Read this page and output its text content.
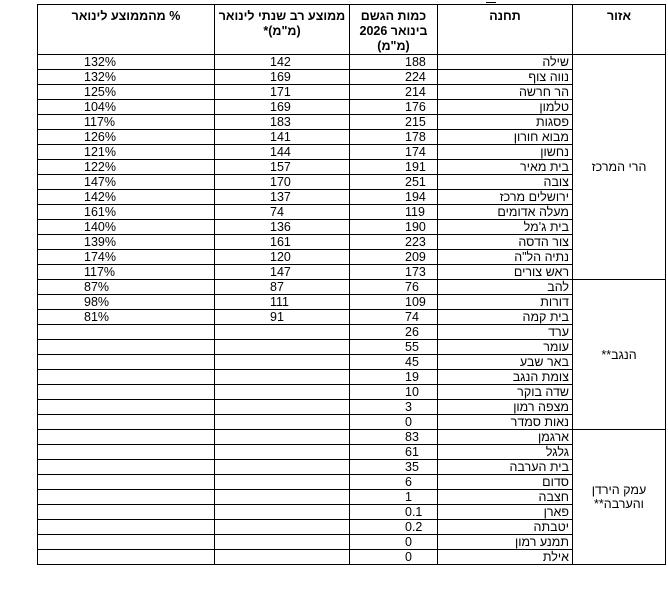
אזור	תחנה	כמות הגשם בינואר 2026 (מ"מ)	ממוצע רב שנתי לינואר (מ"מ)*	% מהממוצע לינואר
הרי המרכז	שילה	188	142	132%
	נווה צוף	224	169	132%
	הר חרשה	214	171	125%
	טלמון	176	169	104%
	פסגות	215	183	117%
	מבוא חורון	178	141	126%
	נחשון	174	144	121%
	בית מאיר	191	157	122%
	צובה	251	170	147%
	ירושלים מרכז	194	137	142%
	מעלה אדומים	119	74	161%
	בית ג'מל	190	136	140%
	צור הדסה	223	161	139%
	נתיה הל"ה	209	120	174%
	ראש צורים	173	147	117%
הנגב**	להב	76	87	87%
	דורות	109	111	98%
	בית קמה	74	91	81%
	ערד	26		
	עומר	55		
	באר שבע	45		
	צומת הנגב	19		
	שדה בוקר	10		
	מצפה רמון	3		
	נאות סמדר	0		
עמק הירדן והערבה**	ארגמן	83		
	גלגל	61		
	בית הערבה	35		
	סדום	6		
	חצבה	1		
	פארן	0.1		
	יטבתה	0.2		
	תמנע רמון	0		
	אילת	0		
